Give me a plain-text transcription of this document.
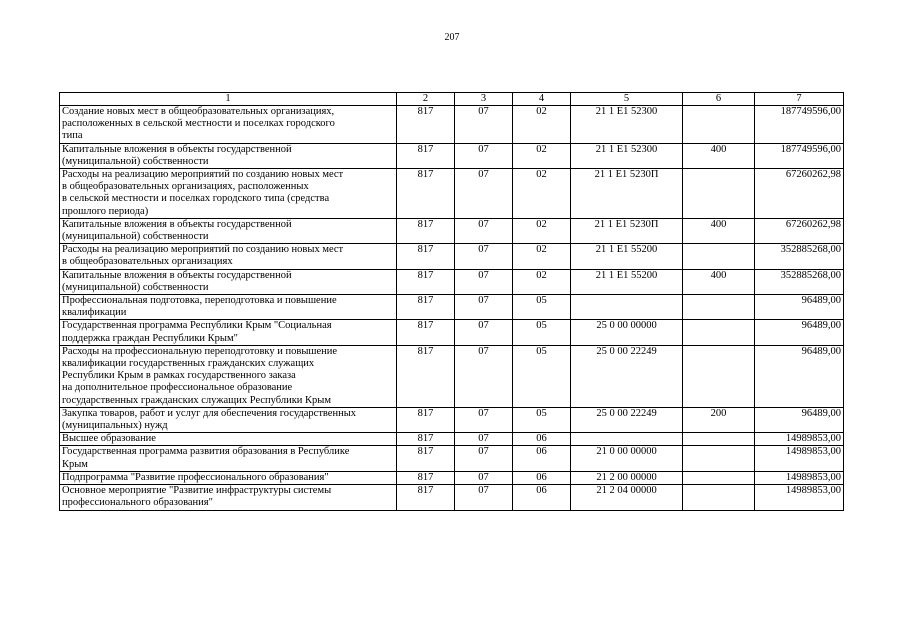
207
1	2	3	4	5	6	7

Создание новых мест в общеобразовательных организациях,
расположенных в сельской местности и поселках городского
типа	817	07	02	21 1 Е1 52300		187749596,00

Капитальные вложения в объекты государственной
(муниципальной) собственности	817	07	02	21 1 Е1 52300	400	187749596,00

Расходы на реализацию мероприятий по созданию новых мест
в общеобразовательных организациях, расположенных
в сельской местности и поселках городского типа (средства
прошлого периода)	817	07	02	21 1 Е1 5230П		67260262,98

Капитальные вложения в объекты государственной
(муниципальной) собственности	817	07	02	21 1 Е1 5230П	400	67260262,98

Расходы на реализацию мероприятий по созданию новых мест
в общеобразовательных организациях	817	07	02	21 1 Е1 55200		352885268,00

Капитальные вложения в объекты государственной
(муниципальной) собственности	817	07	02	21 1 Е1 55200	400	352885268,00

Профессиональная подготовка, переподготовка и повышение
квалификации	817	07	05			96489,00

Государственная программа Республики Крым "Социальная
поддержка граждан Республики Крым"	817	07	05	25 0 00 00000		96489,00

Расходы на профессиональную переподготовку и повышение
квалификации государственных гражданских служащих
Республики Крым в рамках государственного заказа
на дополнительное профессиональное образование
государственных гражданских служащих Республики Крым	817	07	05	25 0 00 22249		96489,00

Закупка товаров, работ и услуг для обеспечения государственных
(муниципальных) нужд	817	07	05	25 0 00 22249	200	96489,00

Высшее образование	817	07	06			14989853,00

Государственная программа развития образования в Республике
Крым	817	07	06	21 0 00 00000		14989853,00

Подпрограмма "Развитие профессионального образования"	817	07	06	21 2 00 00000		14989853,00

Основное мероприятие "Развитие инфраструктуры системы
профессионального образования"	817	07	06	21 2 04 00000		14989853,00
